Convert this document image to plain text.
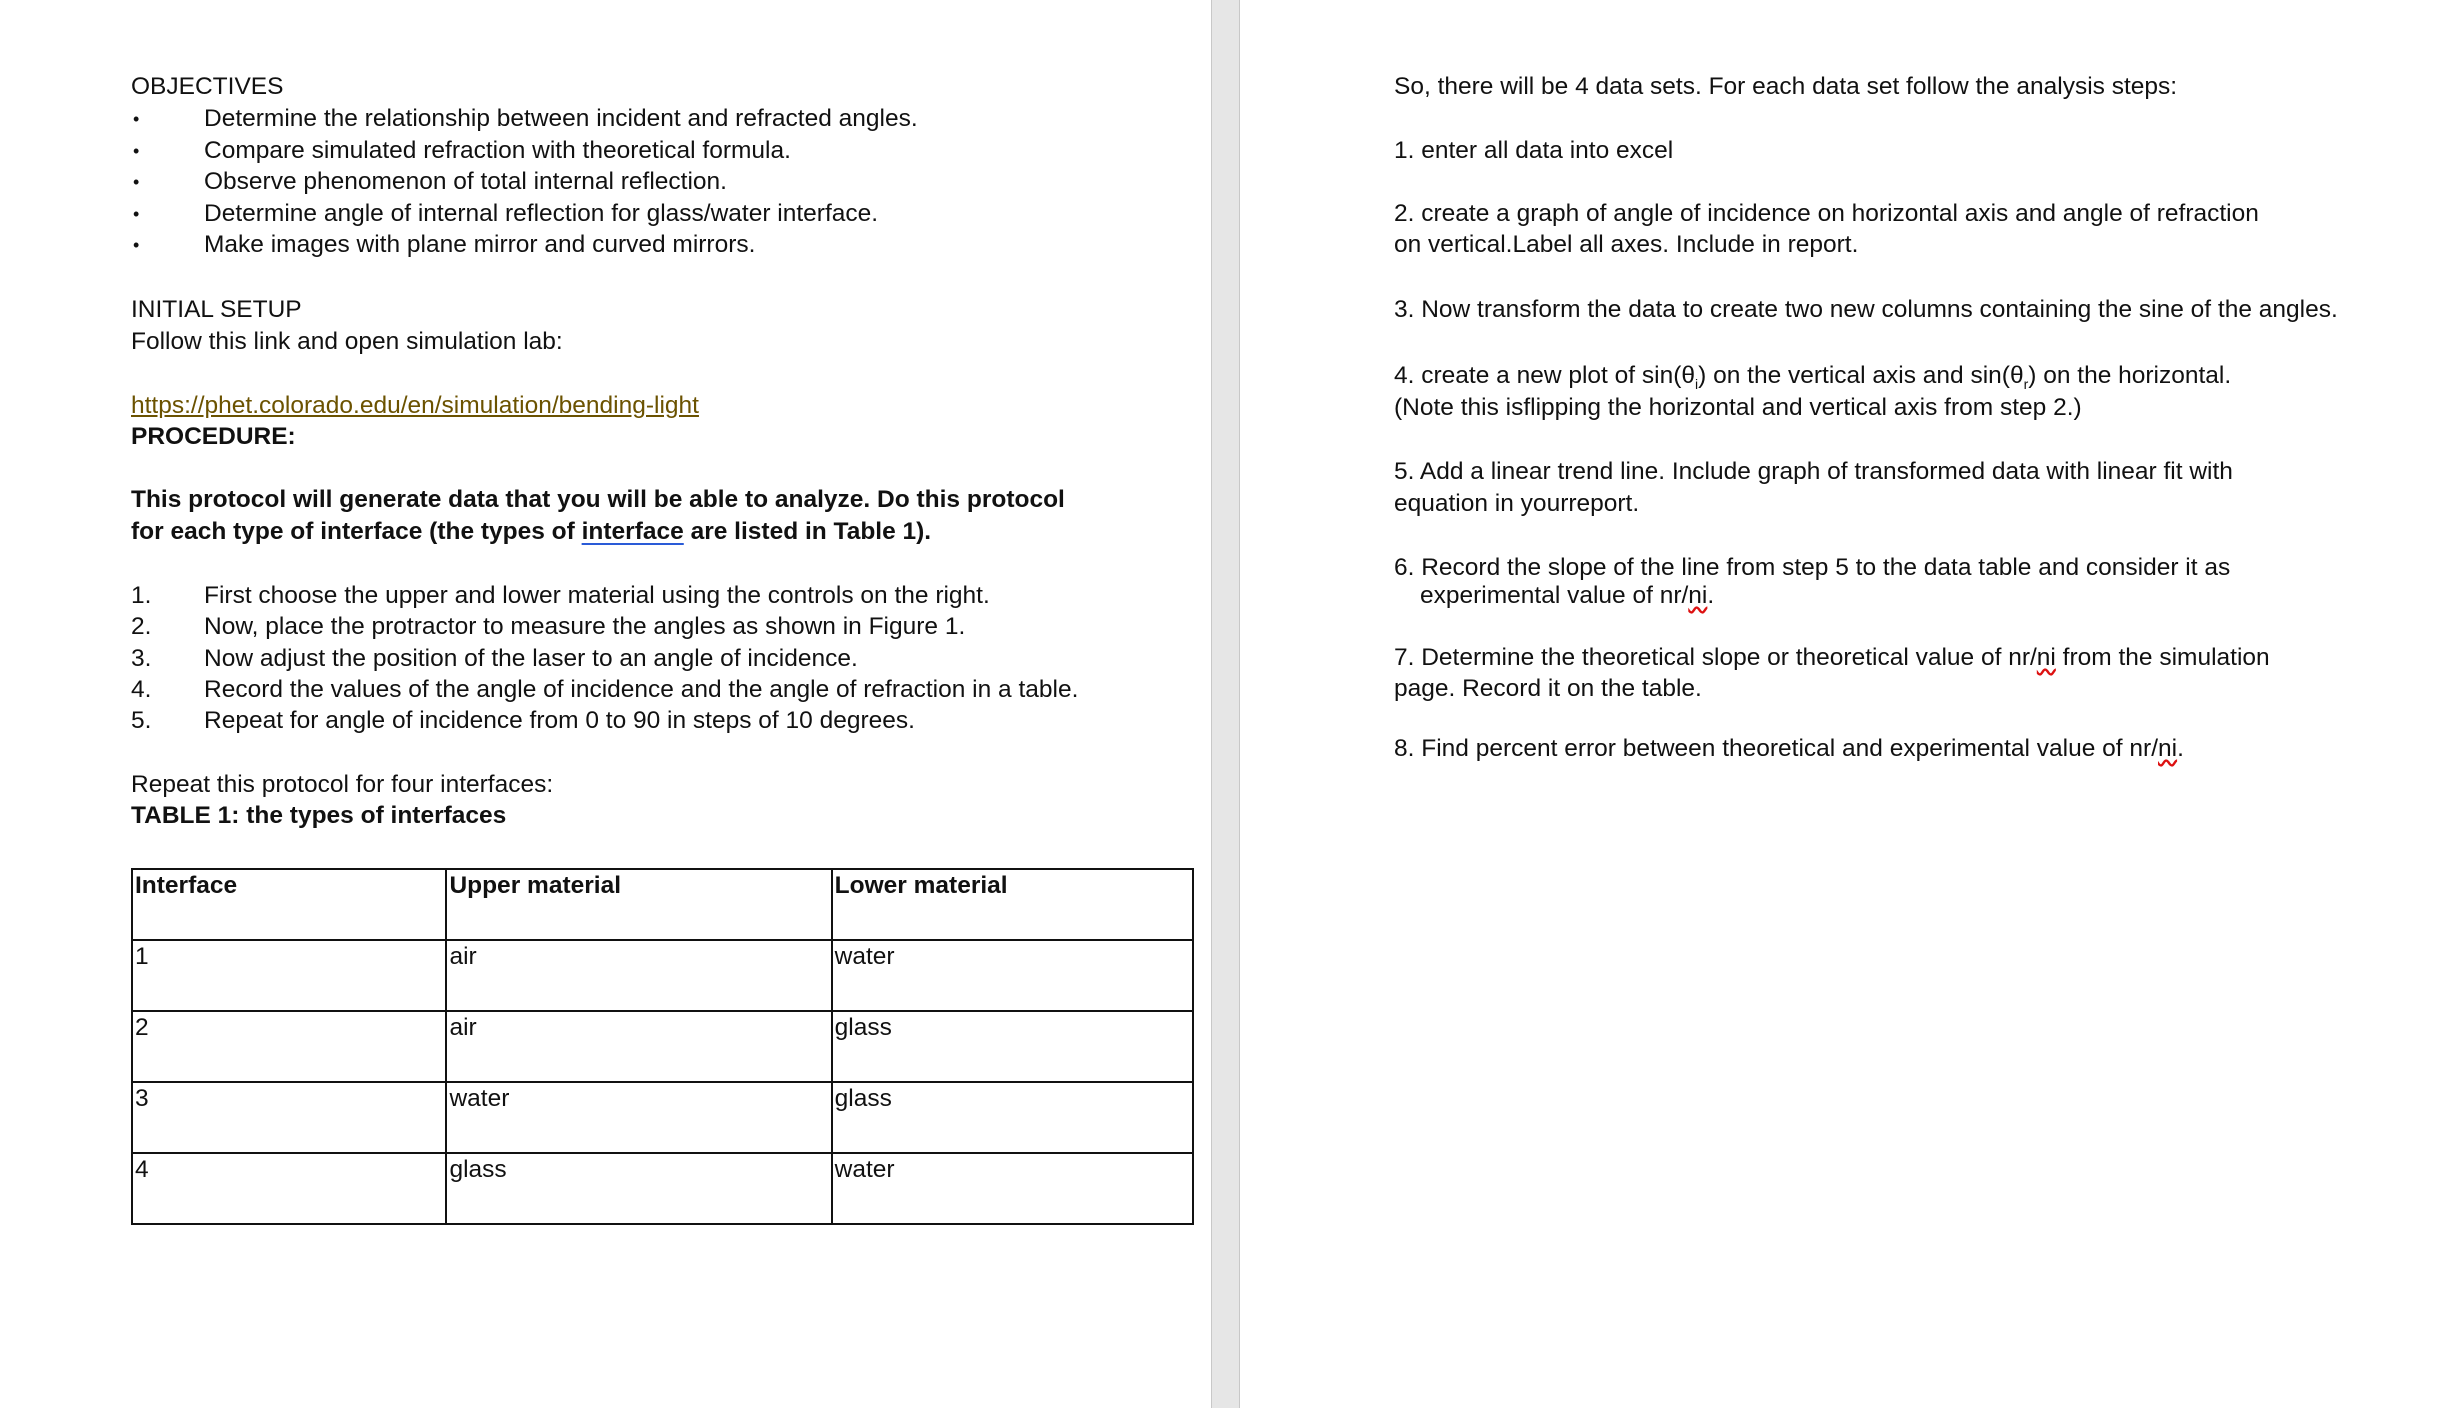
OBJECTIVES
•	Determine the relationship between incident and refracted angles.
•	Compare simulated refraction with theoretical formula.
•	Observe phenomenon of total internal reflection.
•	Determine angle of internal reflection for glass/water interface.
•	Make images with plane mirror and curved mirrors.
INITIAL SETUP
Follow this link and open simulation lab:
https://phet.colorado.edu/en/simulation/bending-light
PROCEDURE:
This protocol will generate data that you will be able to analyze. Do this protocol
for each type of interface (the types of interface are listed in Table 1).
1. First choose the upper and lower material using the controls on the right.
2. Now, place the protractor to measure the angles as shown in Figure 1.
3. Now adjust the position of the laser to an angle of incidence.
4. Record the values of the angle of incidence and the angle of refraction in a table.
5. Repeat for angle of incidence from 0 to 90 in steps of 10 degrees.
Repeat this protocol for four interfaces:
TABLE 1: the types of interfaces
Interface	Upper material	Lower material
1	air	water
2	air	glass
3	water	glass
4	glass	water
So, there will be 4 data sets. For each data set follow the analysis steps:
1. enter all data into excel
2. create a graph of angle of incidence on horizontal axis and angle of refraction
on vertical.Label all axes. Include in report.
3. Now transform the data to create two new columns containing the sine of the angles.
4. create a new plot of $\sin(\theta_i)$ on the vertical axis and $\sin(\theta_r)$ on the horizontal.
(Note this isflipping the horizontal and vertical axis from step 2.)
5. Add a linear trend line. Include graph of transformed data with linear fit with
equation in yourreport.
6. Record the slope of the line from step 5 to the data table and consider it as
experimental value of nr/ni.
7. Determine the theoretical slope or theoretical value of nr/ni from the simulation
page. Record it on the table.
8. Find percent error between theoretical and experimental value of nr/ni.
